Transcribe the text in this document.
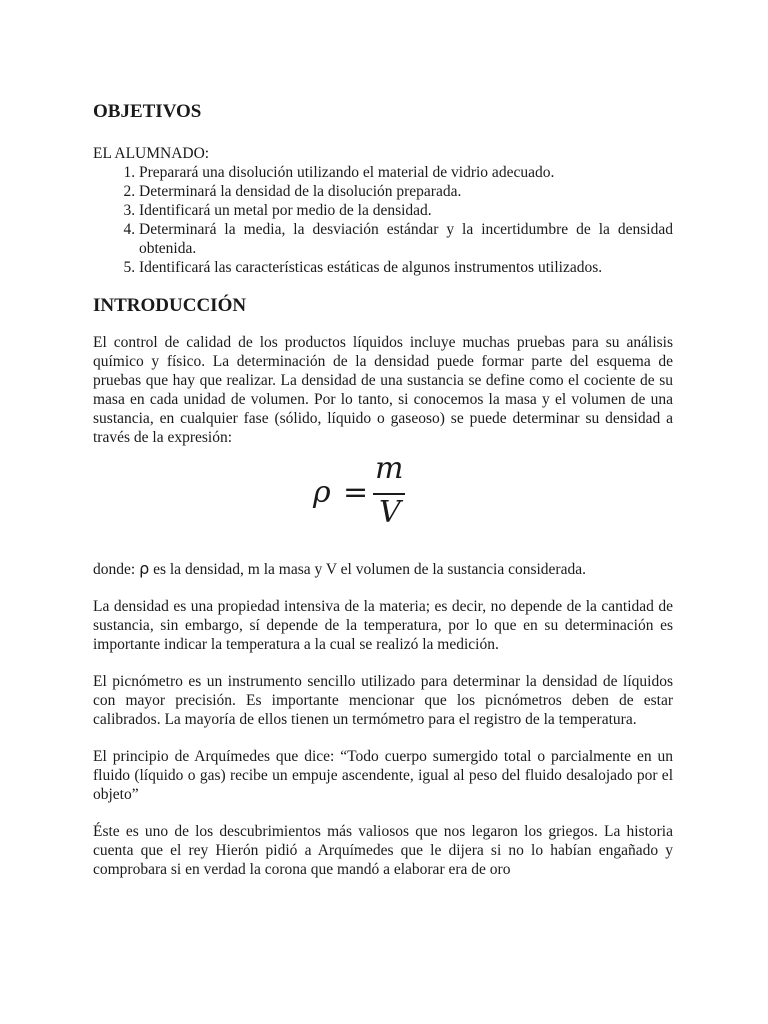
OBJETIVOS
EL ALUMNADO:
1. Preparará una disolución utilizando el material de vidrio adecuado.
2. Determinará la densidad de la disolución preparada.
3. Identificará un metal por medio de la densidad.
4. Determinará la media, la desviación estándar y la incertidumbre de la densidad obtenida.
5. Identificará las características estáticas de algunos instrumentos utilizados.
INTRODUCCIÓN

El control de calidad de los productos líquidos incluye muchas pruebas para su análisis químico y físico. La determinación de la densidad puede formar parte del esquema de pruebas que hay que realizar. La densidad de una sustancia se define como el cociente de su masa en cada unidad de volumen. Por lo tanto, si conocemos la masa y el volumen de una sustancia, en cualquier fase (sólido, líquido o gaseoso) se puede determinar su densidad a través de la expresión:

ρ =
m
V

donde: ρ es la densidad, m la masa y V el volumen de la sustancia considerada.

La densidad es una propiedad intensiva de la materia; es decir, no depende de la cantidad de sustancia, sin embargo, sí depende de la temperatura, por lo que en su determinación es importante indicar la temperatura a la cual se realizó la medición.

El picnómetro es un instrumento sencillo utilizado para determinar la densidad de líquidos con mayor precisión. Es importante mencionar que los picnómetros deben de estar calibrados. La mayoría de ellos tienen un termómetro para el registro de la temperatura.

El principio de Arquímedes que dice: “Todo cuerpo sumergido total o parcialmente en un fluido (líquido o gas) recibe un empuje ascendente, igual al peso del fluido desalojado por el objeto”

Éste es uno de los descubrimientos más valiosos que nos legaron los griegos. La historia cuenta que el rey Hierón pidió a Arquímedes que le dijera si no lo habían engañado y comprobara si en verdad la corona que mandó a elaborar era de oro
